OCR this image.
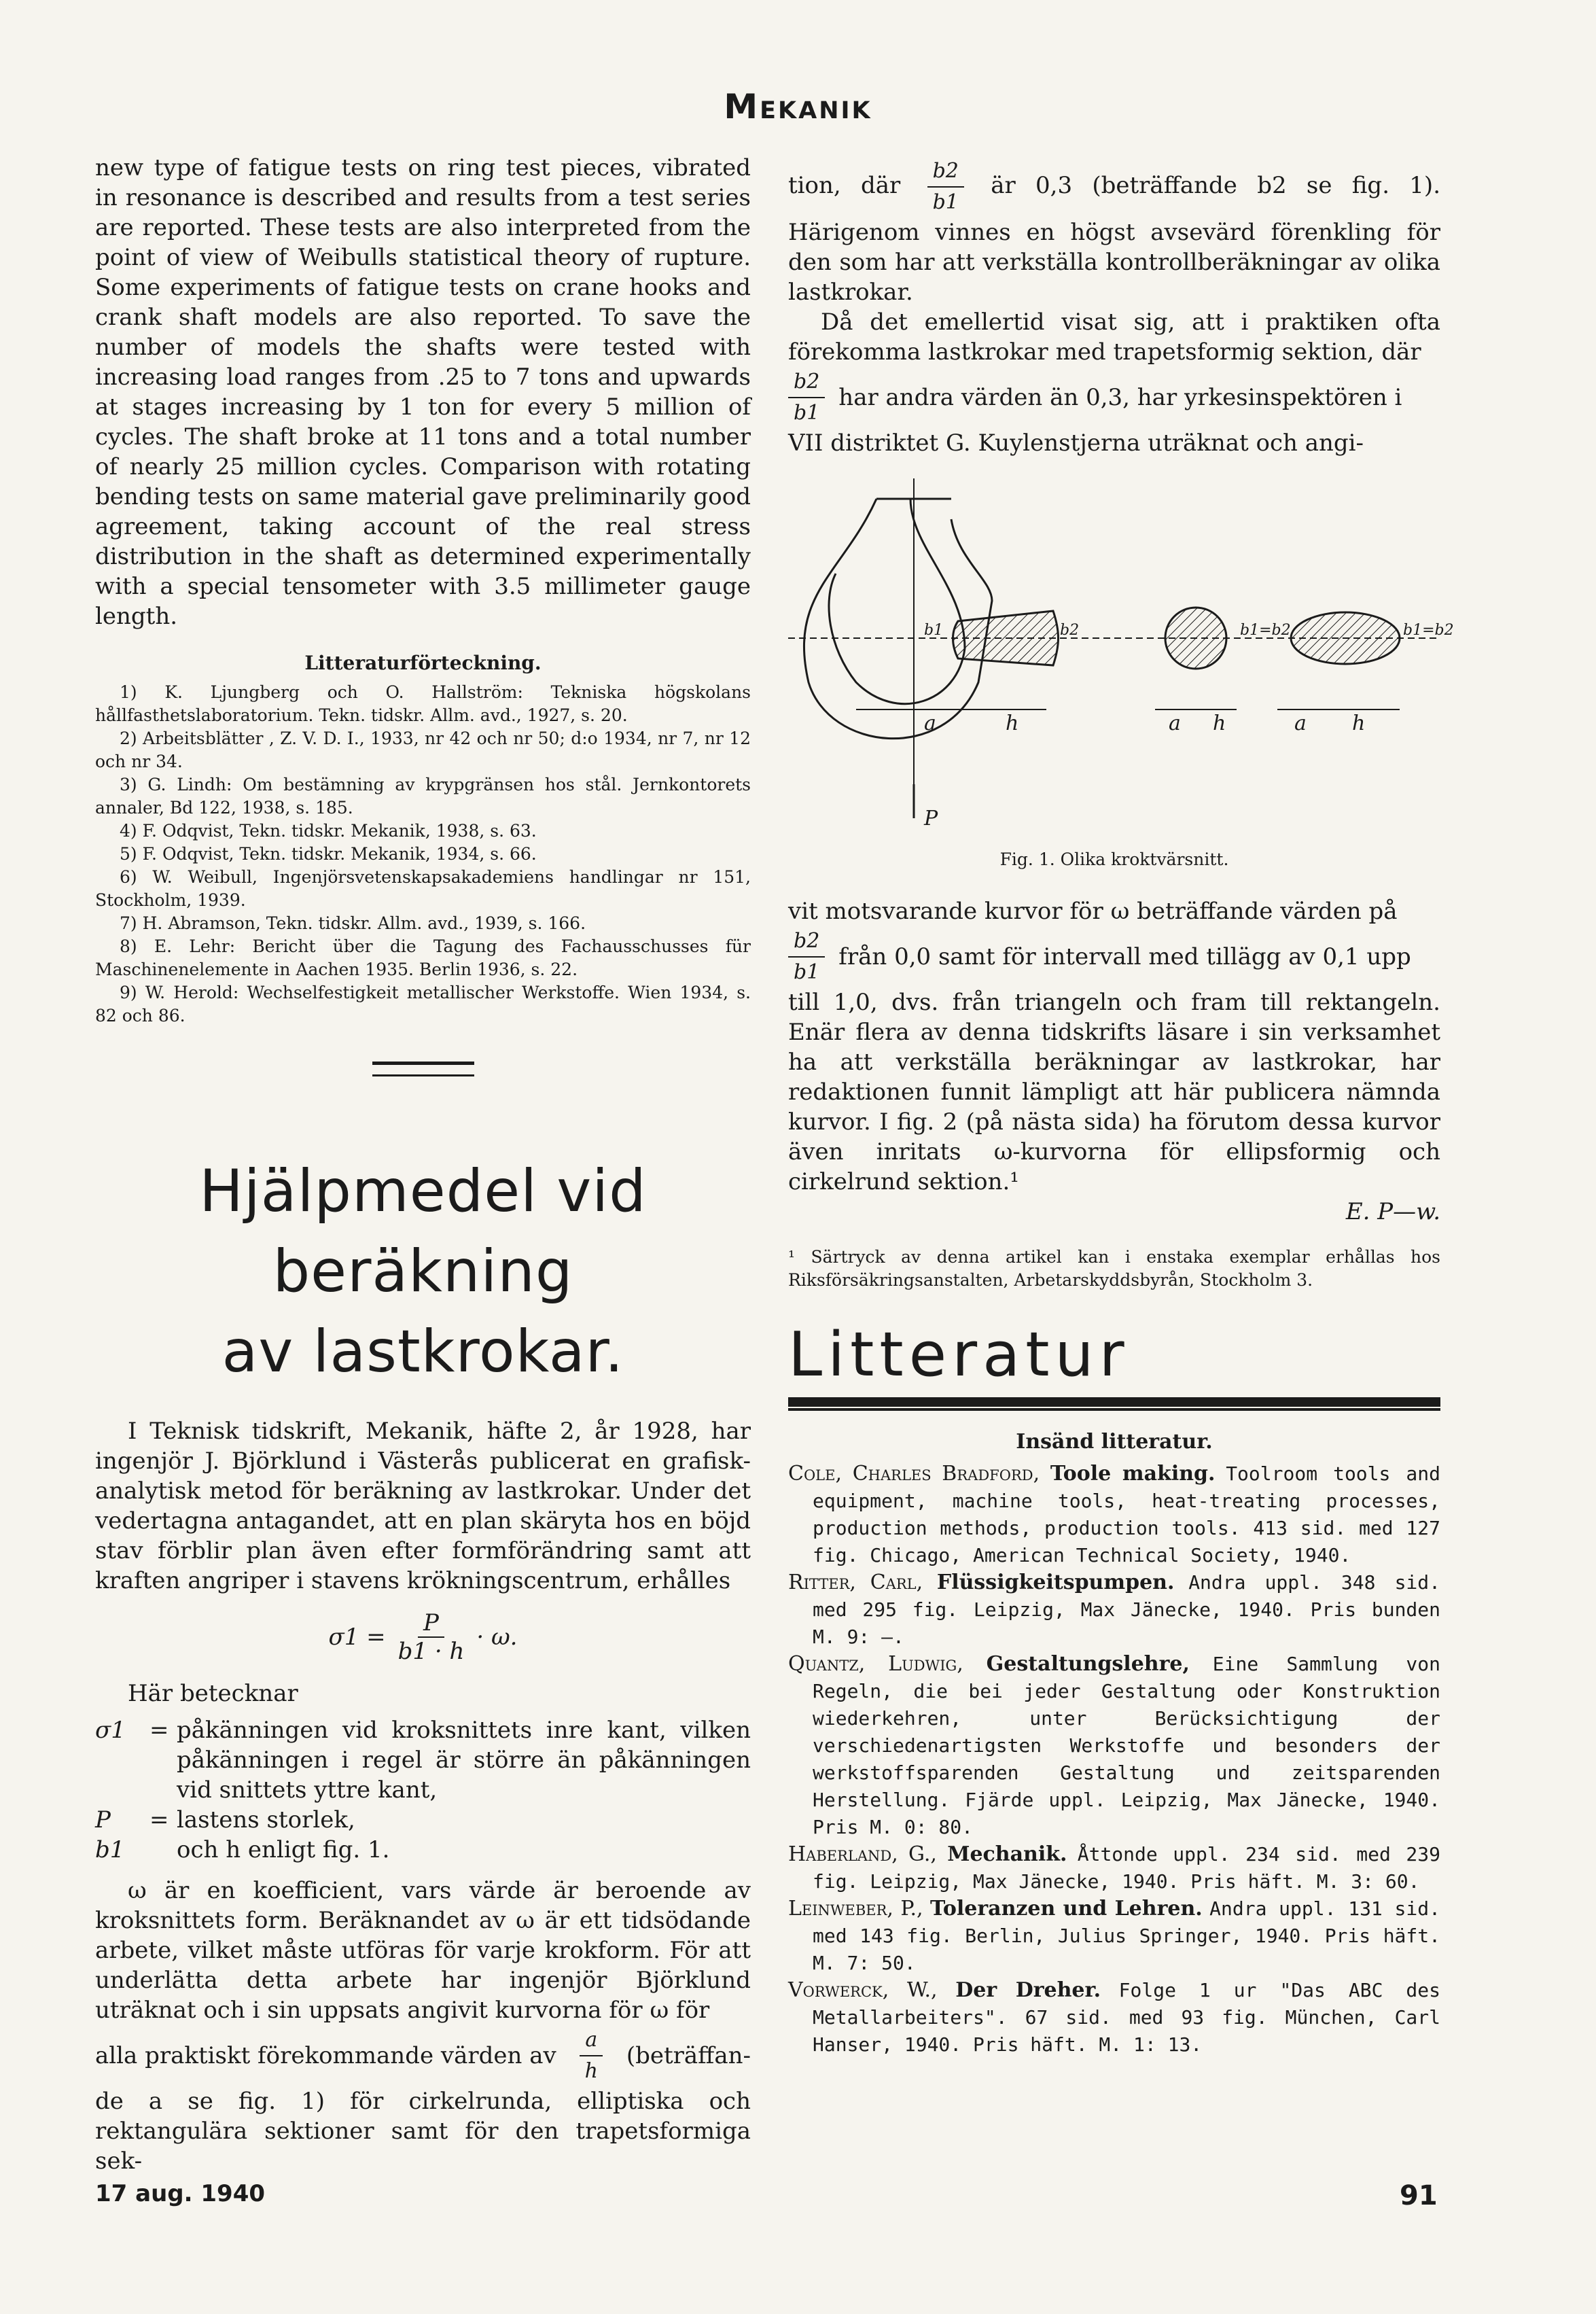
Mekanik

new type of fatigue tests on ring test pieces, vibrated in resonance is described and results from a test series are reported. These tests are also interpreted from the point of view of Weibulls statistical theory of rupture. Some experiments of fatigue tests on crane hooks and crank shaft models are also reported. To save the number of models the shafts were tested with increasing load ranges from .25 to 7 tons and upwards at stages increasing by 1 ton for every 5 million of cycles. The shaft broke at 11 tons and a total number of nearly 25 million cycles. Comparison with rotating bending tests on same material gave preliminarily good agreement, taking account of the real stress distribution in the shaft as determined experimentally with a special tensometer with 3.5 millimeter gauge length.

Litteraturförteckning.
1) K. Ljungberg och O. Hallström: Tekniska högskolans hållfasthetslaboratorium. Tekn. tidskr. Allm. avd., 1927, s. 20.
2) Arbeitsblätter , Z. V. D. I., 1933, nr 42 och nr 50; d:o 1934, nr 7, nr 12 och nr 34.
3) G. Lindh: Om bestämning av krypgränsen hos stål. Jernkontorets annaler, Bd 122, 1938, s. 185.
4) F. Odqvist, Tekn. tidskr. Mekanik, 1938, s. 63.
5) F. Odqvist, Tekn. tidskr. Mekanik, 1934, s. 66.
6) W. Weibull, Ingenjörsvetenskapsakademiens handlingar nr 151, Stockholm, 1939.
7) H. Abramson, Tekn. tidskr. Allm. avd., 1939, s. 166.
8) E. Lehr: Bericht über die Tagung des Fachausschusses für Maschinenelemente in Aachen 1935. Berlin 1936, s. 22.
9) W. Herold: Wechselfestigkeit metallischer Werkstoffe. Wien 1934, s. 82 och 86.
Hjälpmedel vid beräkning
av lastkrokar.

I Teknisk tidskrift, Mekanik, häfte 2, år 1928, har ingenjör J. Björklund i Västerås publicerat en grafisk-analytisk metod för beräkning av lastkrokar. Under det vedertagna antagandet, att en plan skäryta hos en böjd stav förblir plan även efter formförändring samt att kraften angriper i stavens krökningscentrum, erhålles

$\sigma 1 = \frac{P}{b1 \cdot h} \cdot \omega$.

Här betecknar

σ1	= påkänningen vid kroksnittets inre kant, vilken påkänningen i regel är större än påkänningen vid snittets yttre kant,
P	= lastens storlek,
b1	och h enligt fig. 1.

ω är en koefficient, vars värde är beroende av kroksnittets form. Beräknandet av ω är ett tidsödande arbete, vilket måste utföras för varje krokform. För att underlätta detta arbete har ingenjör Björklund uträknat och i sin uppsats angivit kurvorna för ω för

alla praktiskt förekommande värden av $\frac{a}{h}$ (beträffan-

de a se fig. 1) för cirkelrunda, elliptiska och rektangulära sektioner samt för den trapetsformiga sek-

tion, där $\frac{b2}{b1}$ är 0,3 (beträffande b2 se fig. 1). Härigenom vinnes en högst avsevärd förenkling för den som har att verkställa kontrollberäkningar av olika lastkrokar.

Då det emellertid visat sig, att i praktiken ofta förekomma lastkrokar med trapetsformig sektion, där

$\frac{b2}{b1}$ har andra värden än 0,3, har yrkesinspektören i

VII distriktet G. Kuylenstjerna uträknat och angi-

a	h	a h	a h
P
b1	b2	b1=b2	b1=b2
Fig. 1. Olika kroktvärsnitt.

vit motsvarande kurvor för ω beträffande värden på

$\frac{b2}{b1}$ från 0,0 samt för intervall med tillägg av 0,1 upp

till 1,0, dvs. från triangeln och fram till rektangeln. Enär flera av denna tidskrifts läsare i sin verksamhet ha att verkställa beräkningar av lastkrokar, har redaktionen funnit lämpligt att här publicera nämnda kurvor. I fig. 2 (på nästa sida) ha förutom dessa kurvor även inritats ω-kurvorna för ellipsformig och cirkelrund sektion.¹

E. P—w.

¹ Särtryck av denna artikel kan i enstaka exemplar erhållas hos Riksförsäkringsanstalten, Arbetarskyddsbyrån, Stockholm 3.
Litteratur
Insänd litteratur.
Cole, Charles Bradford, Toole making. Toolroom tools and equipment, machine tools, heat-treating processes, production methods, production tools. 413 sid. med 127 fig. Chicago, American Technical Society, 1940.
Ritter, Carl, Flüssigkeitspumpen. Andra uppl. 348 sid. med 295 fig. Leipzig, Max Jänecke, 1940. Pris bunden M. 9: —.
Quantz, Ludwig, Gestaltungslehre, Eine Sammlung von Regeln, die bei jeder Gestaltung oder Konstruktion wiederkehren, unter Berücksichtigung der verschiedenartigsten Werkstoffe und besonders der werkstoffsparenden Gestaltung und zeitsparenden Herstellung. Fjärde uppl. Leipzig, Max Jänecke, 1940. Pris M. 0: 80.
Haberland, G., Mechanik. Åttonde uppl. 234 sid. med 239 fig. Leipzig, Max Jänecke, 1940. Pris häft. M. 3: 60.
Leinweber, P., Toleranzen und Lehren. Andra uppl. 131 sid. med 143 fig. Berlin, Julius Springer, 1940. Pris häft. M. 7: 50.
Vorwerck, W., Der Dreher. Folge 1 ur "Das ABC des Metallarbeiters". 67 sid. med 93 fig. München, Carl Hanser, 1940. Pris häft. M. 1: 13.
17 aug. 1940	91
